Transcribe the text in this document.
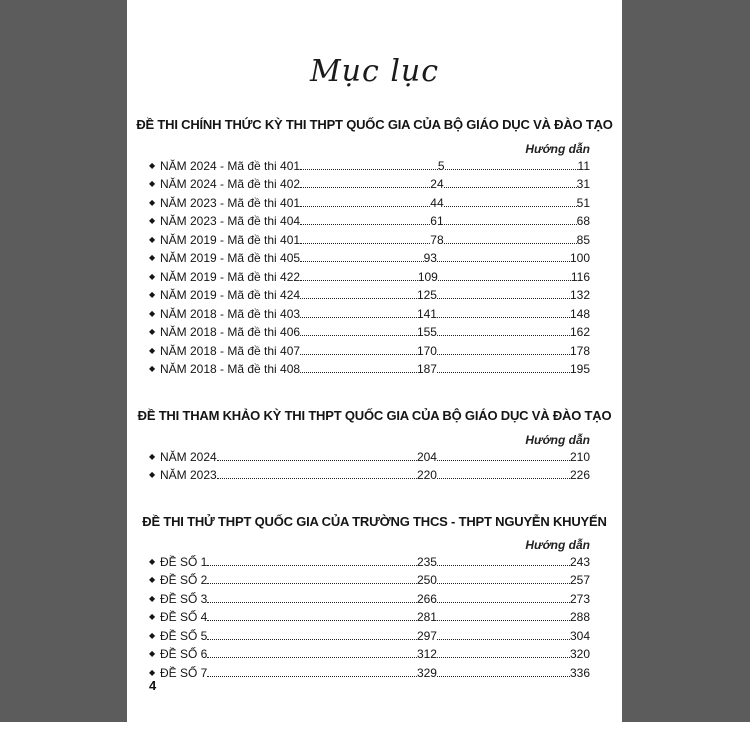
Mục lục
ĐỀ THI CHÍNH THỨC KỲ THI THPT QUỐC GIA CỦA BỘ GIÁO DỤC VÀ ĐÀO TẠO
Hướng dẫn
◆ NĂM 2024 - Mã đề thi 401	5	11
◆ NĂM 2024 - Mã đề thi 402	24	31
◆ NĂM 2023 - Mã đề thi 401	44	51
◆ NĂM 2023 - Mã đề thi 404	61	68
◆ NĂM 2019 - Mã đề thi 401	78	85
◆ NĂM 2019 - Mã đề thi 405	93	100
◆ NĂM 2019 - Mã đề thi 422	109	116
◆ NĂM 2019 - Mã đề thi 424	125	132
◆ NĂM 2018 - Mã đề thi 403	141	148
◆ NĂM 2018 - Mã đề thi 406	155	162
◆ NĂM 2018 - Mã đề thi 407	170	178
◆ NĂM 2018 - Mã đề thi 408	187	195
ĐỀ THI THAM KHẢO KỲ THI THPT QUỐC GIA CỦA BỘ GIÁO DỤC VÀ ĐÀO TẠO
Hướng dẫn
◆ NĂM 2024	204	210
◆ NĂM 2023	220	226
ĐỀ THI THỬ THPT QUỐC GIA CỦA TRƯỜNG THCS - THPT NGUYỄN KHUYẾN
Hướng dẫn
◆ ĐỀ SỐ 1	235	243
◆ ĐỀ SỐ 2	250	257
◆ ĐỀ SỐ 3	266	273
◆ ĐỀ SỐ 4	281	288
◆ ĐỀ SỐ 5	297	304
◆ ĐỀ SỐ 6	312	320
◆ ĐỀ SỐ 7	329	336
4
